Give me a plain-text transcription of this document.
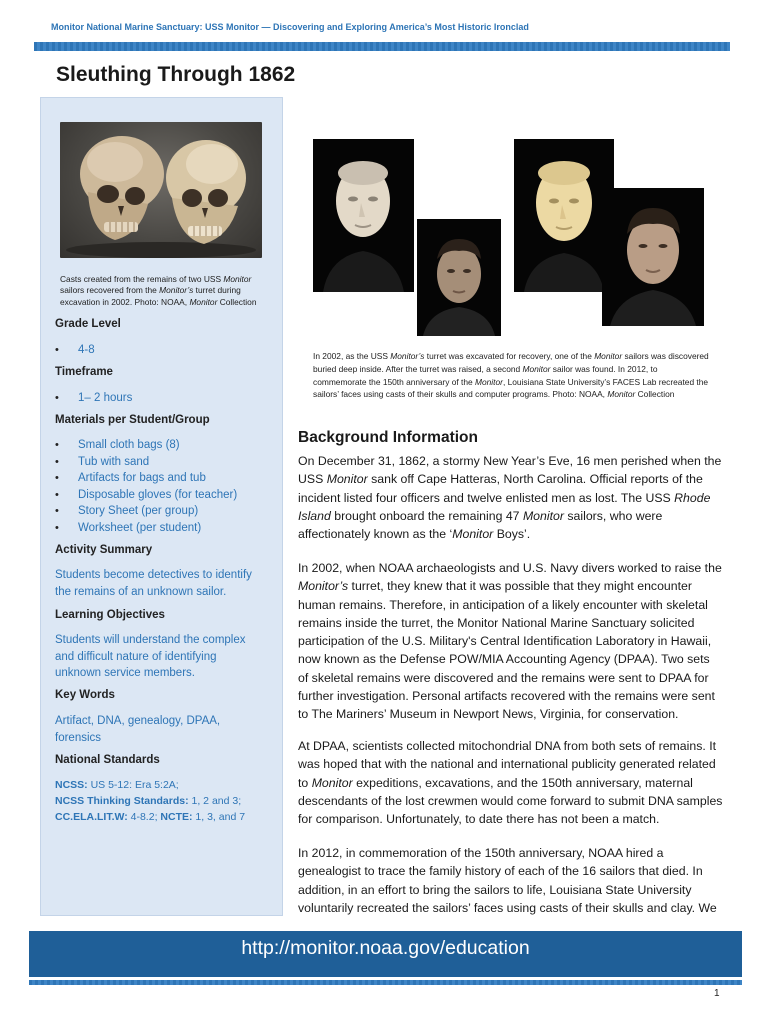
Monitor National Marine Sanctuary: USS Monitor — Discovering and Exploring America’s Most Historic Ironclad
Sleuthing Through 1862

Casts created from the remains of two USS Monitor sailors recovered from the Monitor’s turret during excavation in 2002. Photo: NOAA, Monitor Collection

Grade Level
• 4-8
Timeframe
• 1– 2 hours
Materials per Student/Group
• Small cloth bags (8)
• Tub with sand
• Artifacts for bags and tub
• Disposable gloves (for teacher)
• Story Sheet (per group)
• Worksheet (per student)
Activity Summary

Students become detectives to identify the remains of an unknown sailor.

Learning Objectives

Students will understand the complex and difficult nature of identifying unknown service members.

Key Words

Artifact, DNA, genealogy, DPAA, forensics

National Standards
NCSS: US 5-12: Era 5:2A;
NCSS Thinking Standards: 1, 2 and 3;
CC.ELA.LIT.W: 4-8.2; NCTE: 1, 3, and 7

In 2002, as the USS Monitor’s turret was excavated for recovery, one of the Monitor sailors was discovered buried deep inside. After the turret was raised, a second Monitor sailor was found. In 2012, to commemorate the 150th anniversary of the Monitor, Louisiana State University’s FACES Lab recreated the sailors’ faces using casts of their skulls and computer programs. Photo: NOAA, Monitor Collection

Background Information

On December 31, 1862, a stormy New Year’s Eve, 16 men perished when the USS Monitor sank off Cape Hatteras, North Carolina. Official reports of the incident listed four officers and twelve enlisted men as lost. The USS Rhode Island brought onboard the remaining 47 Monitor sailors, who were affectionately known as the ‘Monitor Boys’.

In 2002, when NOAA archaeologists and U.S. Navy divers worked to raise the Monitor’s turret, they knew that it was possible that they might encounter human remains. Therefore, in anticipation of a likely encounter with skeletal remains inside the turret, the Monitor National Marine Sanctuary solicited participation of the U.S. Military's Central Identification Laboratory in Hawaii, now known as the Defense POW/MIA Accounting Agency (DPAA). Two sets of skeletal remains were discovered and the remains were sent to DPAA for further investigation. Personal artifacts recovered with the remains were sent to The Mariners’ Museum in Newport News, Virginia, for conservation.

At DPAA, scientists collected mitochondrial DNA from both sets of remains. It was hoped that with the national and international publicity generated related to Monitor expeditions, excavations, and the 150th anniversary, maternal descendants of the lost crewmen would come forward to submit DNA samples for comparison. Unfortunately, to date there has not been a match.

In 2012, in commemoration of the 150th anniversary, NOAA hired a genealogist to trace the family history of each of the 16 sailors that died. In addition, in an effort to bring the sailors to life, Louisiana State University voluntarily recreated the sailors’ faces using casts of their skulls and clay. We

http://monitor.noaa.gov/education
1
